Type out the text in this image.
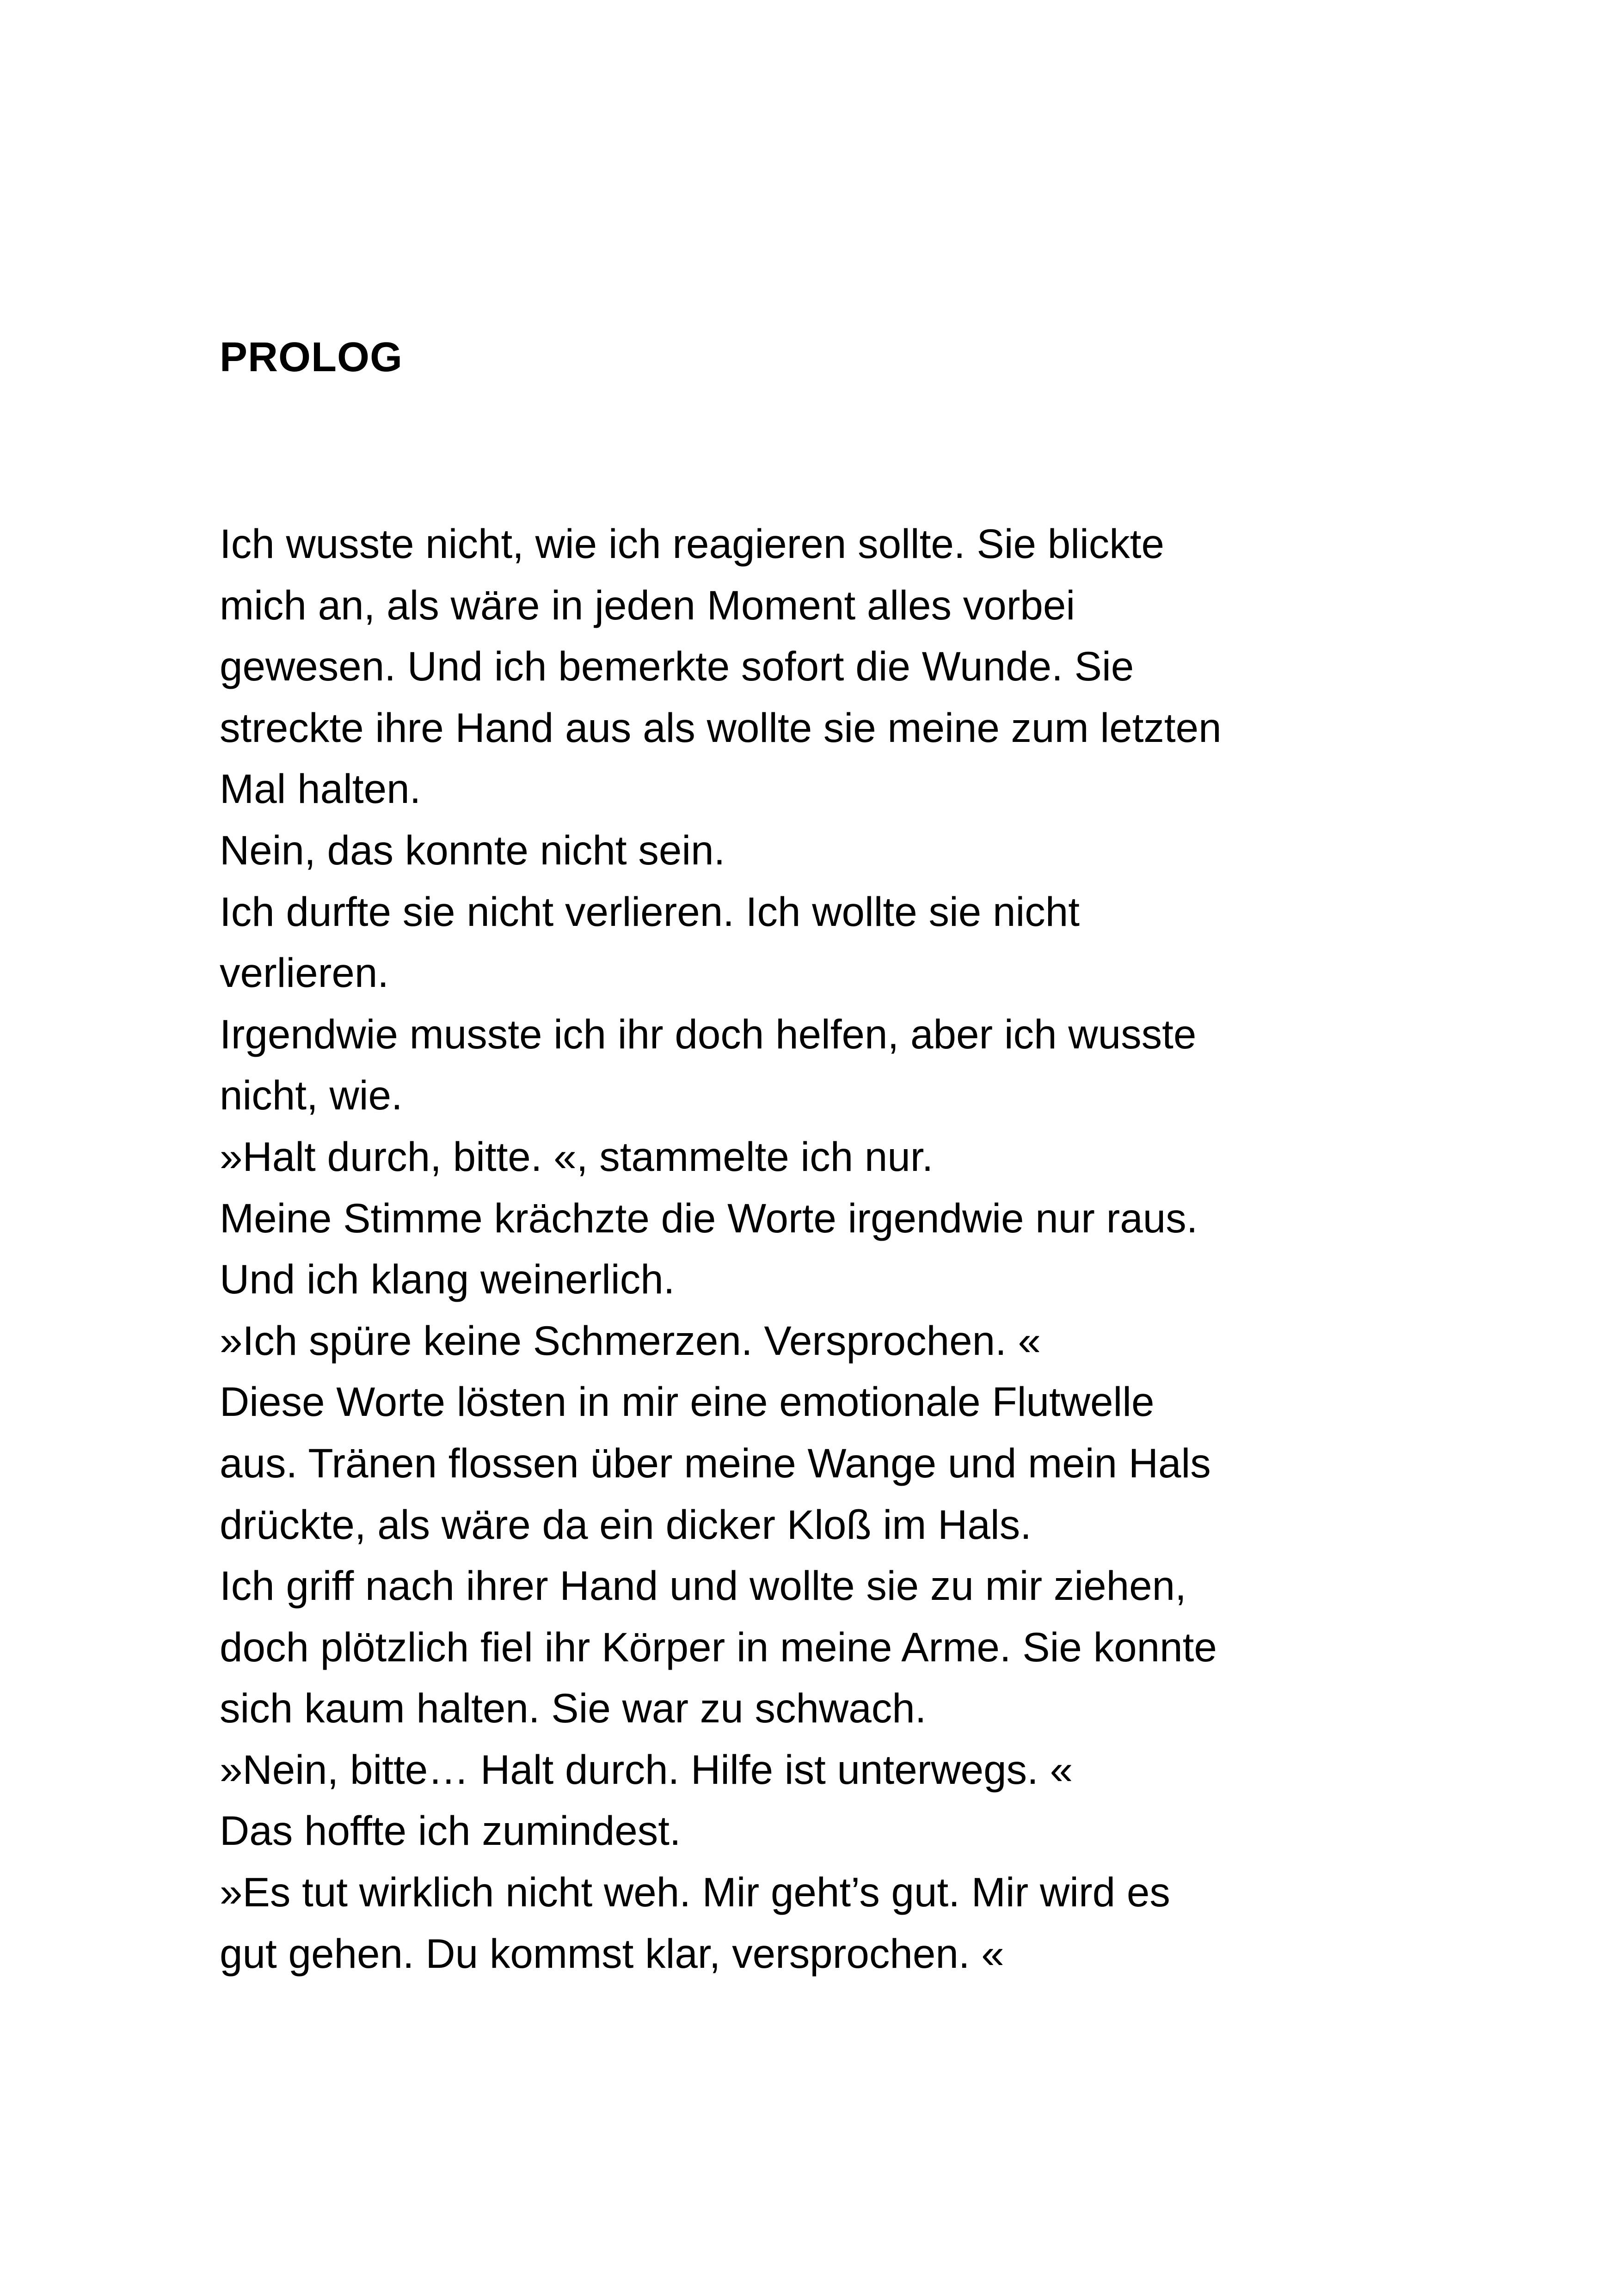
PROLOG
Ich wusste nicht, wie ich reagieren sollte. Sie blickte
mich an, als wäre in jeden Moment alles vorbei
gewesen. Und ich bemerkte sofort die Wunde. Sie
streckte ihre Hand aus als wollte sie meine zum letzten
Mal halten.
Nein, das konnte nicht sein.
Ich durfte sie nicht verlieren. Ich wollte sie nicht
verlieren.
Irgendwie musste ich ihr doch helfen, aber ich wusste
nicht, wie.
»Halt durch, bitte. «, stammelte ich nur.
Meine Stimme krächzte die Worte irgendwie nur raus.
Und ich klang weinerlich.
»Ich spüre keine Schmerzen. Versprochen. «
Diese Worte lösten in mir eine emotionale Flutwelle
aus. Tränen flossen über meine Wange und mein Hals
drückte, als wäre da ein dicker Kloß im Hals.
Ich griff nach ihrer Hand und wollte sie zu mir ziehen,
doch plötzlich fiel ihr Körper in meine Arme. Sie konnte
sich kaum halten. Sie war zu schwach.
»Nein, bitte… Halt durch. Hilfe ist unterwegs. «
Das hoffte ich zumindest.
»Es tut wirklich nicht weh. Mir geht’s gut. Mir wird es
gut gehen. Du kommst klar, versprochen. «
